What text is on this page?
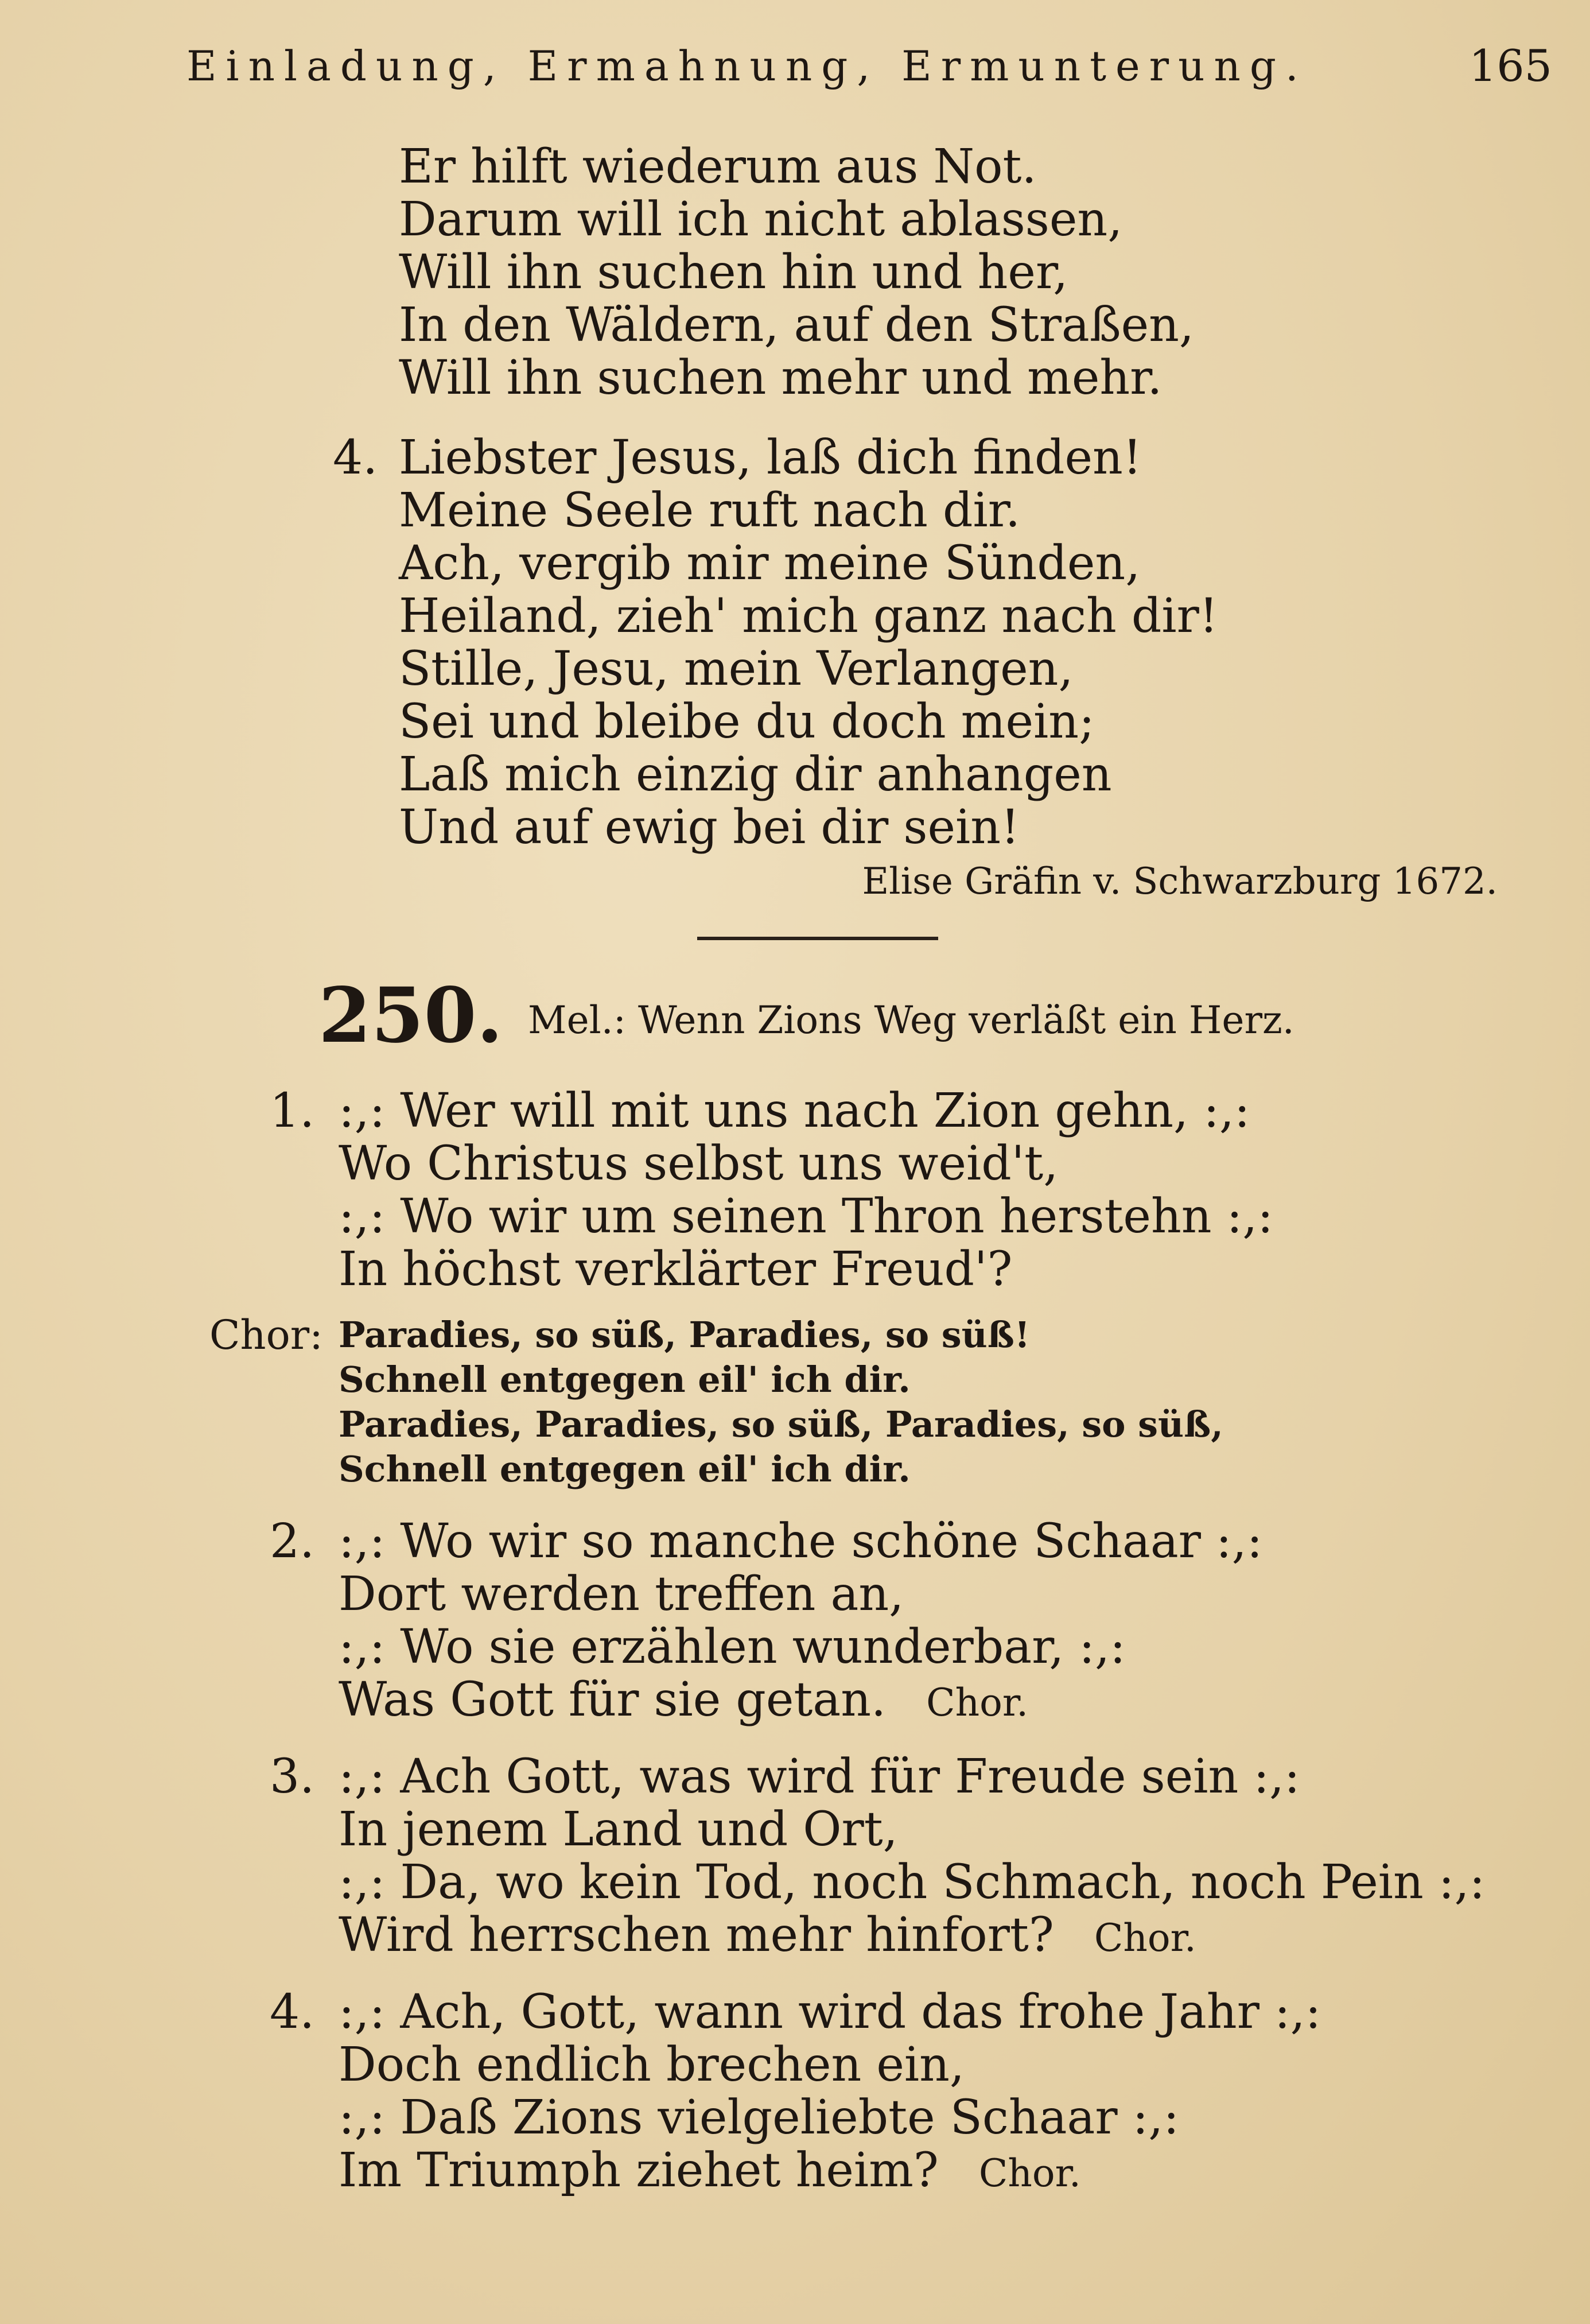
Einladung, Ermahnung, Ermunterung.	165
Er hilft wiederum aus Not.
Darum will ich nicht ablassen,
Will ihn suchen hin und her,
In den Wäldern, auf den Straßen,
Will ihn suchen mehr und mehr.
4. Liebster Jesus, laß dich finden!
Meine Seele ruft nach dir.
Ach, vergib mir meine Sünden,
Heiland, zieh' mich ganz nach dir!
Stille, Jesu, mein Verlangen,
Sei und bleibe du doch mein;
Laß mich einzig dir anhangen
Und auf ewig bei dir sein!
Elise Gräfin v. Schwarzburg 1672.
250. Mel.: Wenn Zions Weg verläßt ein Herz.
1. :,: Wer will mit uns nach Zion gehn, :,:
Wo Christus selbst uns weid't,
:,: Wo wir um seinen Thron herstehn :,:
In höchst verklärter Freud'?
Chor: Paradies, so süß, Paradies, so süß!
Schnell entgegen eil' ich dir.
Paradies, Paradies, so süß, Paradies, so süß,
Schnell entgegen eil' ich dir.
2. :,: Wo wir so manche schöne Schaar :,:
Dort werden treffen an,
:,: Wo sie erzählen wunderbar, :,:
Was Gott für sie getan. Chor.
3. :,: Ach Gott, was wird für Freude sein :,:
In jenem Land und Ort,
:,: Da, wo kein Tod, noch Schmach, noch Pein :,:
Wird herrschen mehr hinfort? Chor.
4. :,: Ach, Gott, wann wird das frohe Jahr :,:
Doch endlich brechen ein,
:,: Daß Zions vielgeliebte Schaar :,:
Im Triumph ziehet heim? Chor.
